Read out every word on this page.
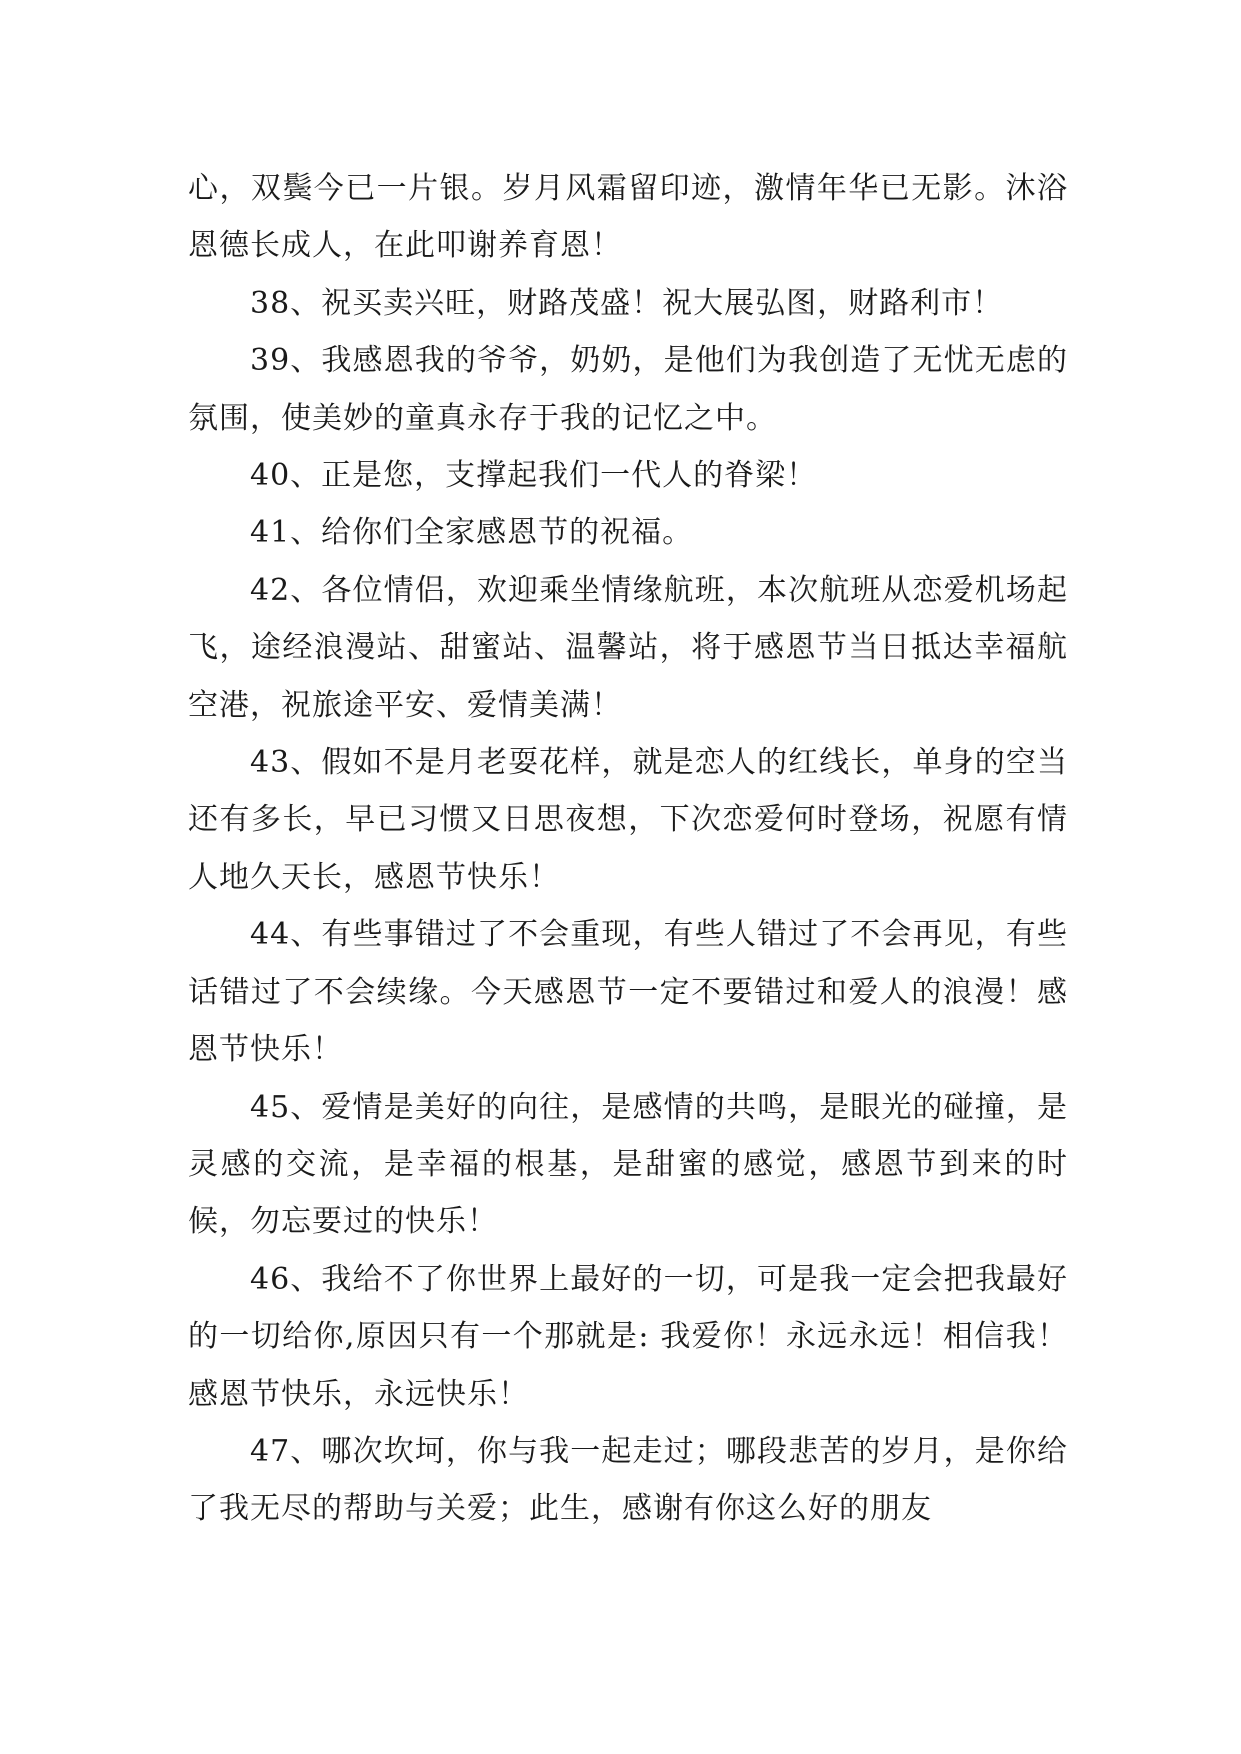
心，双鬓今已一片银。岁月风霜留印迹，激情年华已无影。沐浴恩德长成人，在此叩谢养育恩！

38、祝买卖兴旺，财路茂盛！祝大展弘图，财路利市！

39、我感恩我的爷爷，奶奶，是他们为我创造了无忧无虑的氛围，使美妙的童真永存于我的记忆之中。

40、正是您，支撑起我们一代人的脊梁！

41、给你们全家感恩节的祝福。

42、各位情侣，欢迎乘坐情缘航班，本次航班从恋爱机场起飞，途经浪漫站、甜蜜站、温馨站，将于感恩节当日抵达幸福航空港，祝旅途平安、爱情美满！

43、假如不是月老耍花样，就是恋人的红线长，单身的空当还有多长，早已习惯又日思夜想，下次恋爱何时登场，祝愿有情人地久天长，感恩节快乐！

44、有些事错过了不会重现，有些人错过了不会再见，有些话错过了不会续缘。今天感恩节一定不要错过和爱人的浪漫！感恩节快乐！

45、爱情是美好的向往，是感情的共鸣，是眼光的碰撞，是灵感的交流，是幸福的根基，是甜蜜的感觉，感恩节到来的时候，勿忘要过的快乐！

46、我给不了你世界上最好的一切，可是我一定会把我最好的一切给你,原因只有一个那就是: 我爱你！永远永远！相信我！感恩节快乐，永远快乐！

47、哪次坎坷，你与我一起走过；哪段悲苦的岁月，是你给了我无尽的帮助与关爱；此生，感谢有你这么好的朋友
